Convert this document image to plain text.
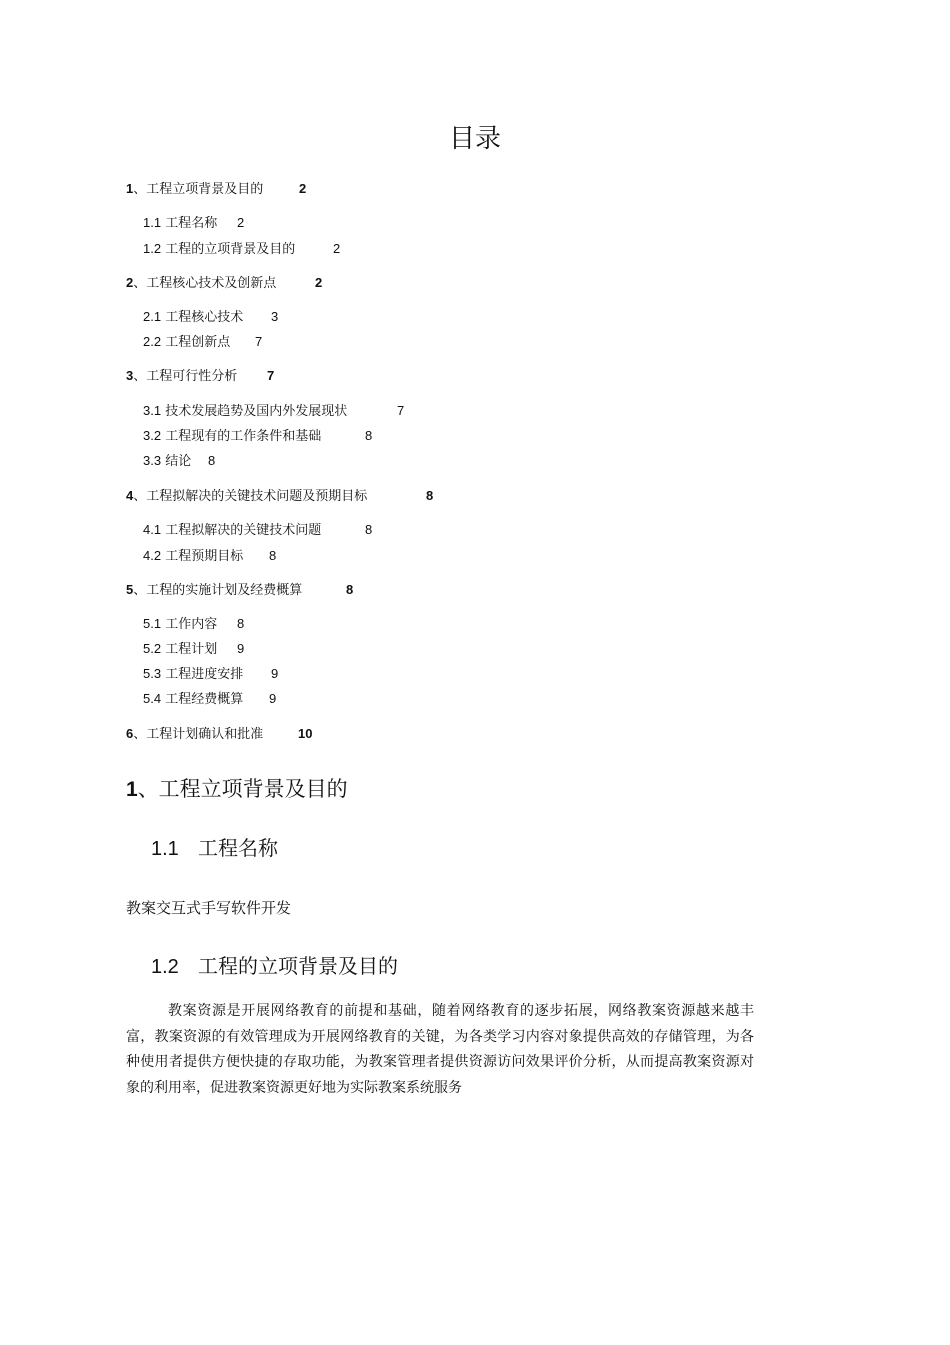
目录
1、工程立项背景及目的	2
1.1 工程名称 2
1.2 工程的立项背景及目的	2
2、工程核心技术及创新点	2
2.1 工程核心技术 3
2.2 工程创新点 7
3、工程可行性分析 7
3.1 技术发展趋势及国内外发展现状	7
3.2 工程现有的工作条件和基础	8
3.3 结论 8
4、工程拟解决的关键技术问题及预期目标	8
4.1 工程拟解决的关键技术问题	8
4.2 工程预期目标 8
5、工程的实施计划及经费概算	8
5.1 工作内容 8
5.2 工程计划 9
5.3 工程进度安排 9
5.4 工程经费概算 9
6、工程计划确认和批准	10
1、工程立项背景及目的
1.1 工程名称
教案交互式手写软件开发
1.2 工程的立项背景及目的
教案资源是开展网络教育的前提和基础，随着网络教育的逐步拓展，网络教案资源越来越丰富，教案资源的有效管理成为开展网络教育的关键，为各类学习内容对象提供高效的存储管理，为各种使用者提供方便快捷的存取功能，为教案管理者提供资源访问效果评价分析，从而提高教案资源对象的利用率，促进教案资源更好地为实际教案系统服务
